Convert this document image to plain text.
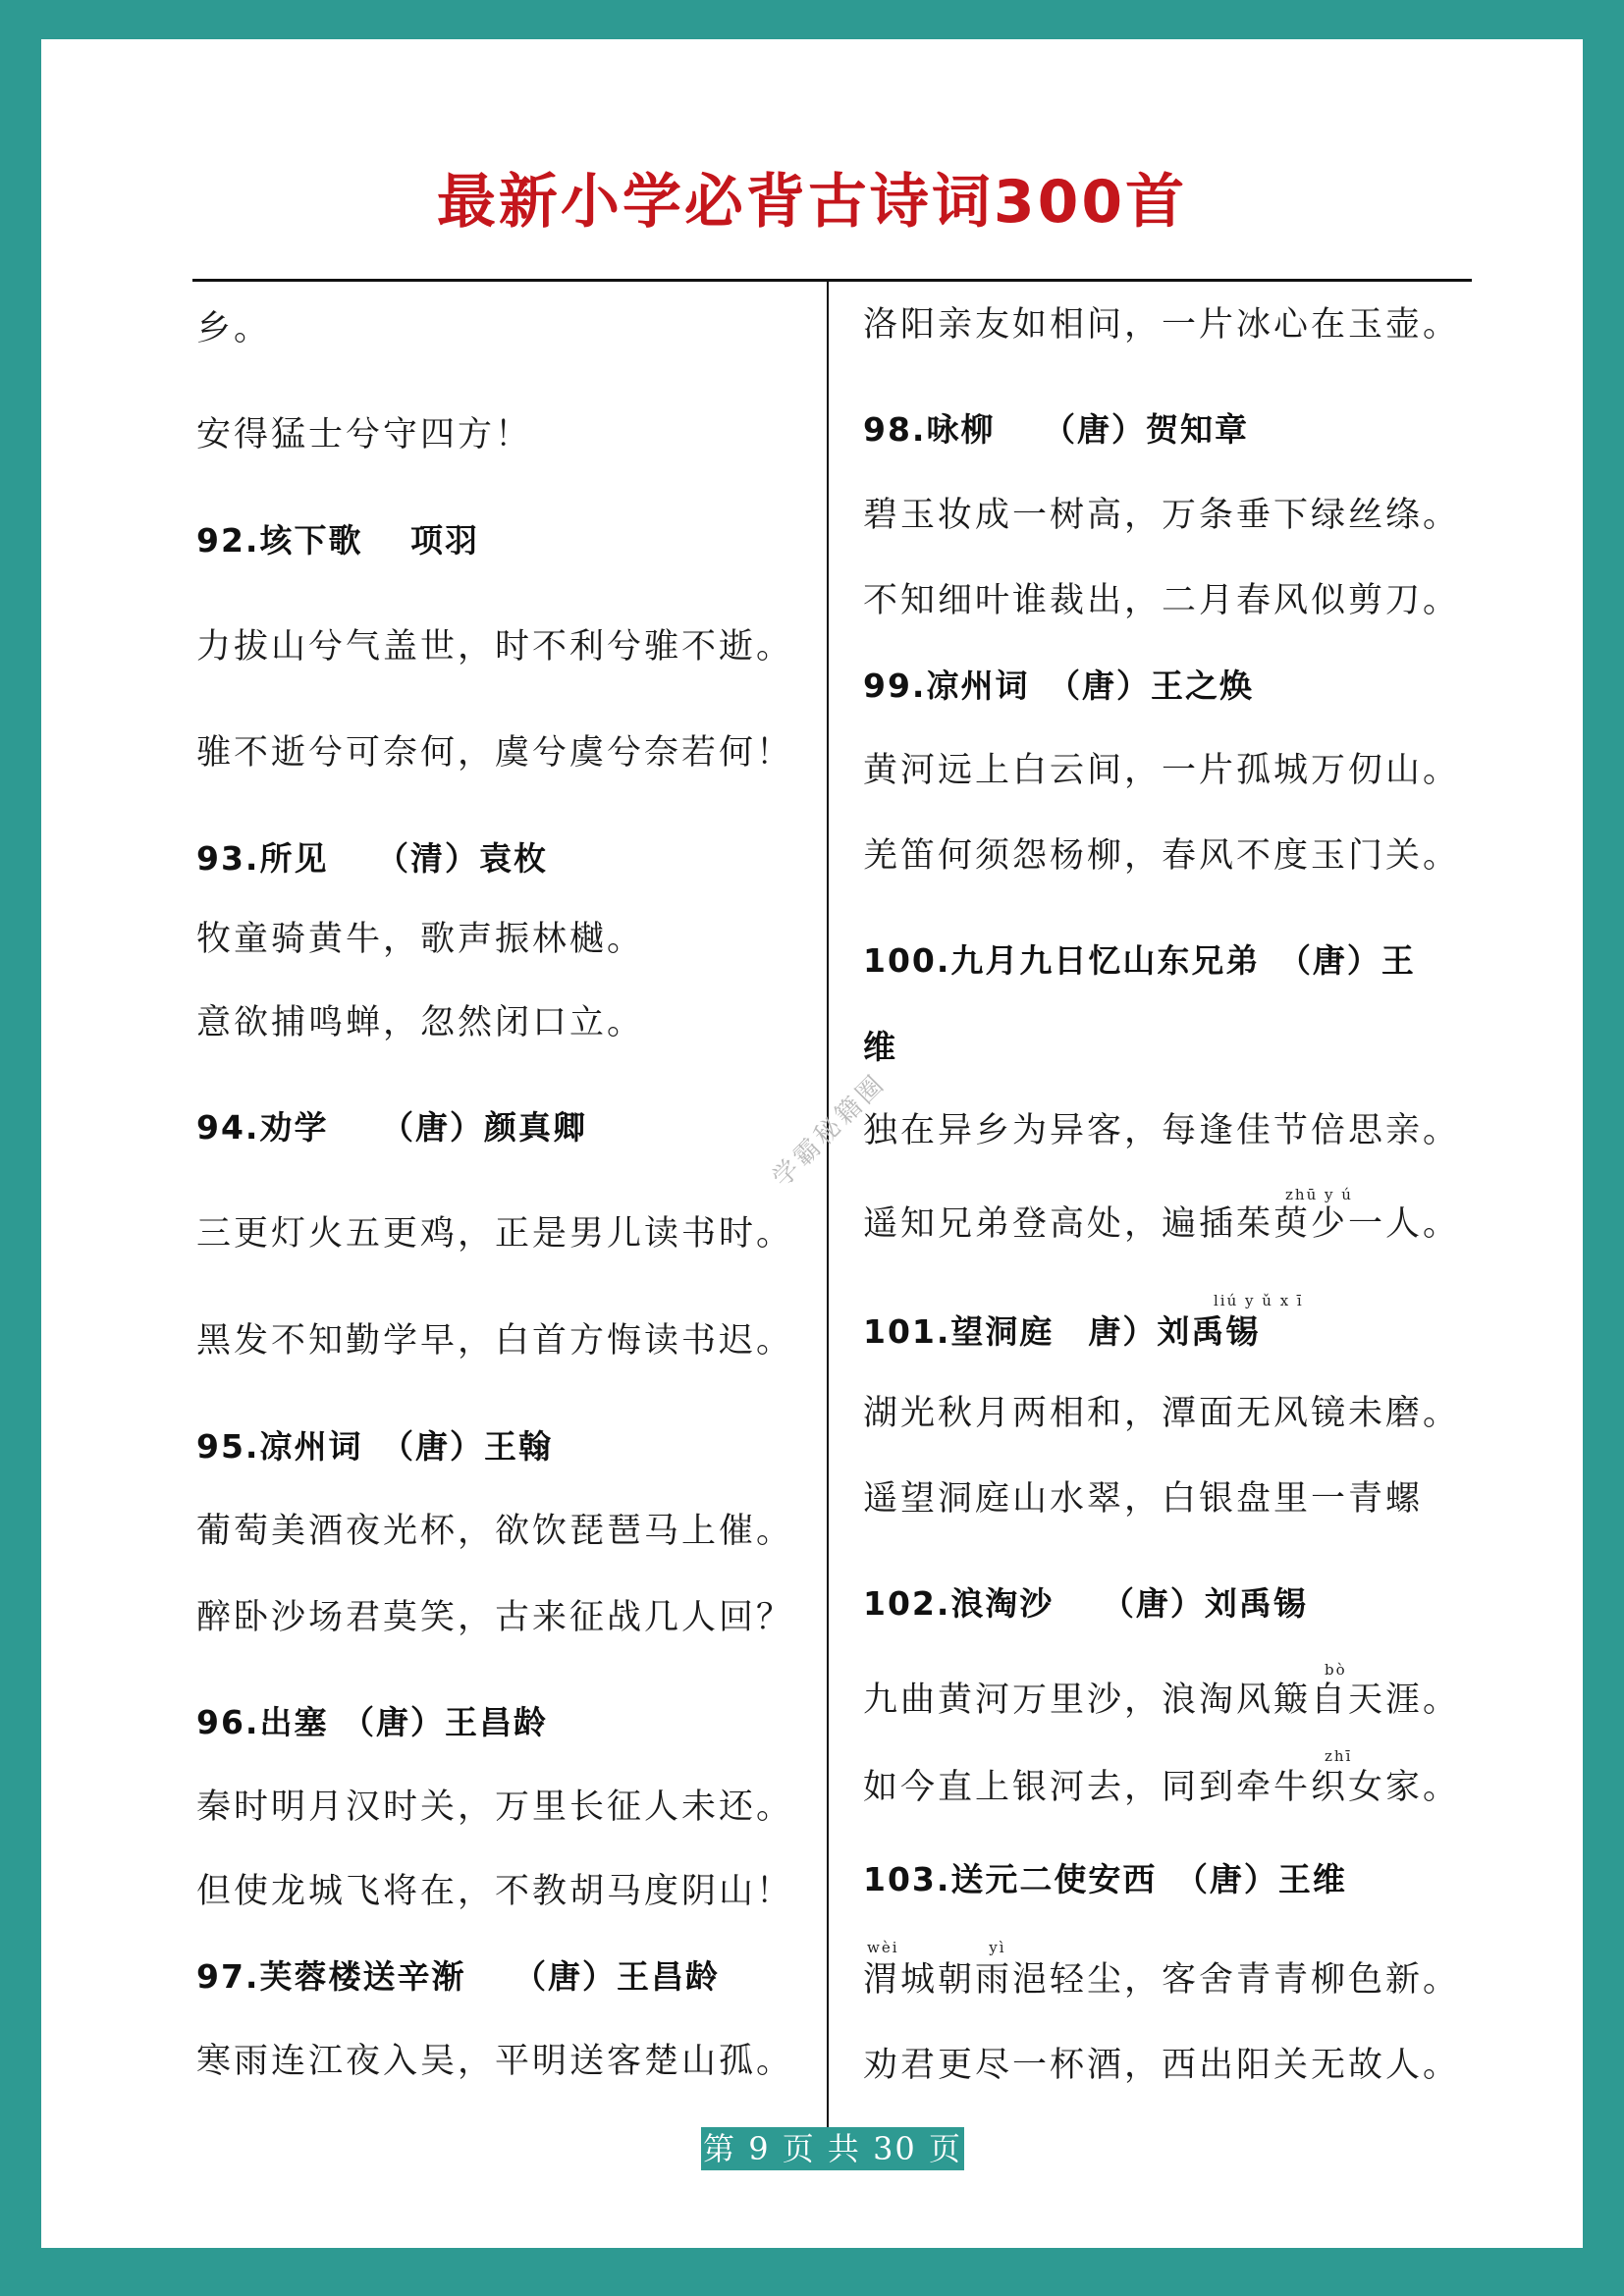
最新小学必背古诗词300首
乡。
安得猛士兮守四方！
92.垓下歌　 项羽
力拔山兮气盖世，时不利兮骓不逝。
骓不逝兮可奈何，虞兮虞兮奈若何！
93.所见　 （清）袁枚
牧童骑黄牛，歌声振林樾。
意欲捕鸣蝉，忽然闭口立。
94.劝学　　（唐）颜真卿
三更灯火五更鸡，正是男儿读书时。
黑发不知勤学早，白首方悔读书迟。
95.凉州词　（唐）王翰
葡萄美酒夜光杯，欲饮琵琶马上催。
醉卧沙场君莫笑，古来征战几人回？
96.出塞 （唐）王昌龄
秦时明月汉时关，万里长征人未还。
但使龙城飞将在，不教胡马度阴山！
97.芙蓉楼送辛渐　 （唐）王昌龄
寒雨连江夜入吴，平明送客楚山孤。
洛阳亲友如相问，一片冰心在玉壶。
98.咏柳　 （唐）贺知章
碧玉妆成一树高，万条垂下绿丝绦。
不知细叶谁裁出，二月春风似剪刀。
99.凉州词　（唐）王之焕
黄河远上白云间，一片孤城万仞山。
羌笛何须怨杨柳，春风不度玉门关。
100.九月九日忆山东兄弟　（唐）王
维
独在异乡为异客，每逢佳节倍思亲。
zhū y ú
遥知兄弟登高处，遍插茱萸少一人。
liú y ǔ x ī
101.望洞庭　唐）刘禹锡
湖光秋月两相和，潭面无风镜未磨。
遥望洞庭山水翠，白银盘里一青螺
102.浪淘沙　 （唐）刘禹锡
bò
九曲黄河万里沙，浪淘风簸自天涯。
zhī
如今直上银河去，同到牵牛织女家。
103.送元二使安西　（唐）王维
wèi　　　　　 yì
渭城朝雨浥轻尘，客舍青青柳色新。
劝君更尽一杯酒，西出阳关无故人。
学霸秘籍圈
第 9 页 共 30 页
